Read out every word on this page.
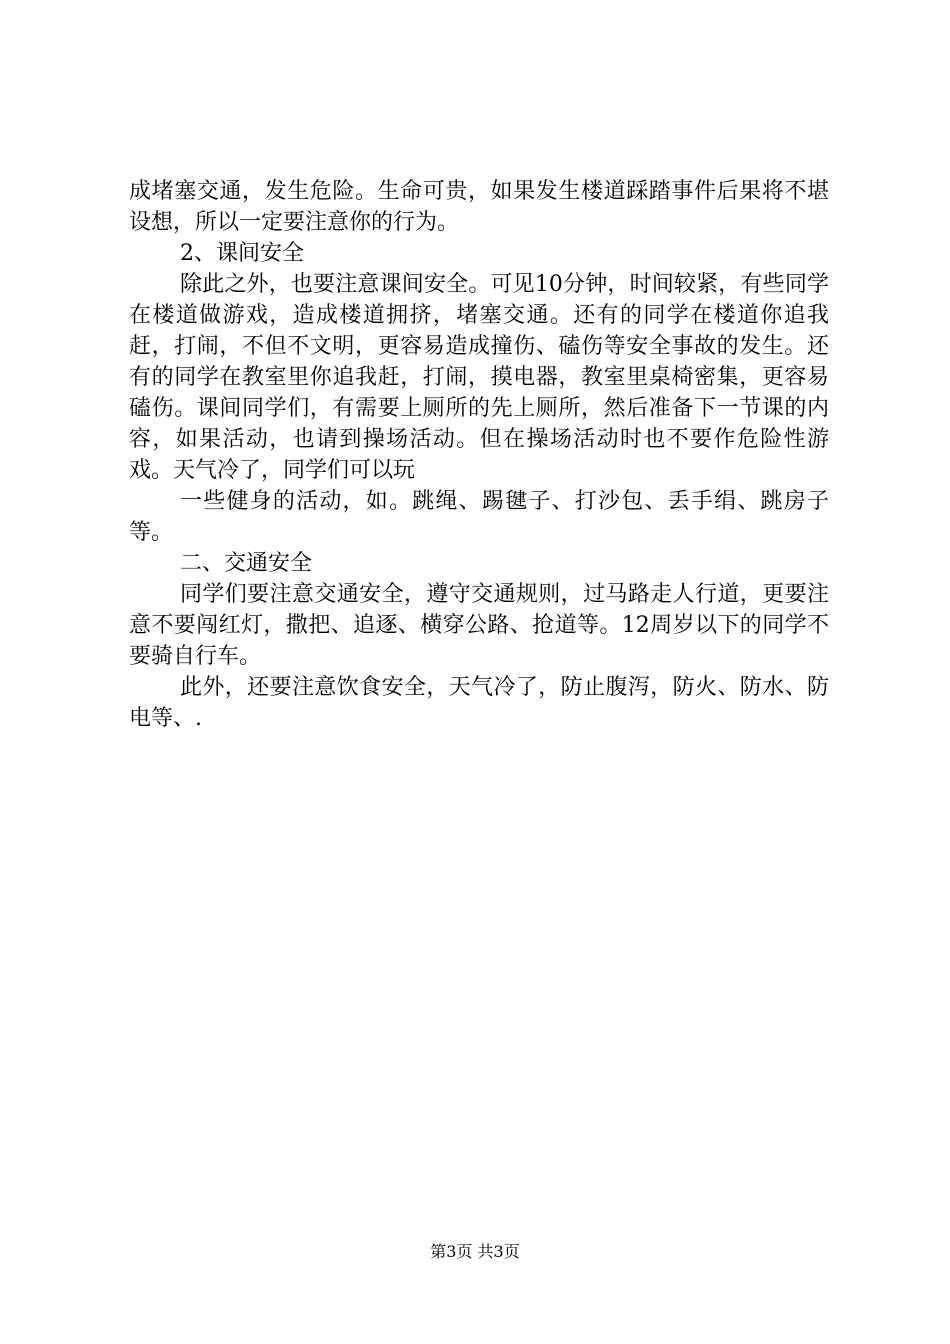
成堵塞交通，发生危险。生命可贵，如果发生楼道踩踏事件后果将不堪设想，所以一定要注意你的行为。

2、课间安全

除此之外，也要注意课间安全。可见10分钟，时间较紧，有些同学在楼道做游戏，造成楼道拥挤，堵塞交通。还有的同学在楼道你追我赶，打闹，不但不文明，更容易造成撞伤、磕伤等安全事故的发生。还有的同学在教室里你追我赶，打闹，摸电器，教室里桌椅密集，更容易磕伤。课间同学们，有需要上厕所的先上厕所，然后准备下一节课的内容，如果活动，也请到操场活动。但在操场活动时也不要作危险性游戏。天气冷了，同学们可以玩

一些健身的活动，如。跳绳、踢毽子、打沙包、丢手绢、跳房子等。

二、交通安全

同学们要注意交通安全，遵守交通规则，过马路走人行道，更要注意不要闯红灯，撒把、追逐、横穿公路、抢道等。12周岁以下的同学不要骑自行车。

此外，还要注意饮食安全，天气冷了，防止腹泻，防火、防水、防电等、.

第3页 共3页
